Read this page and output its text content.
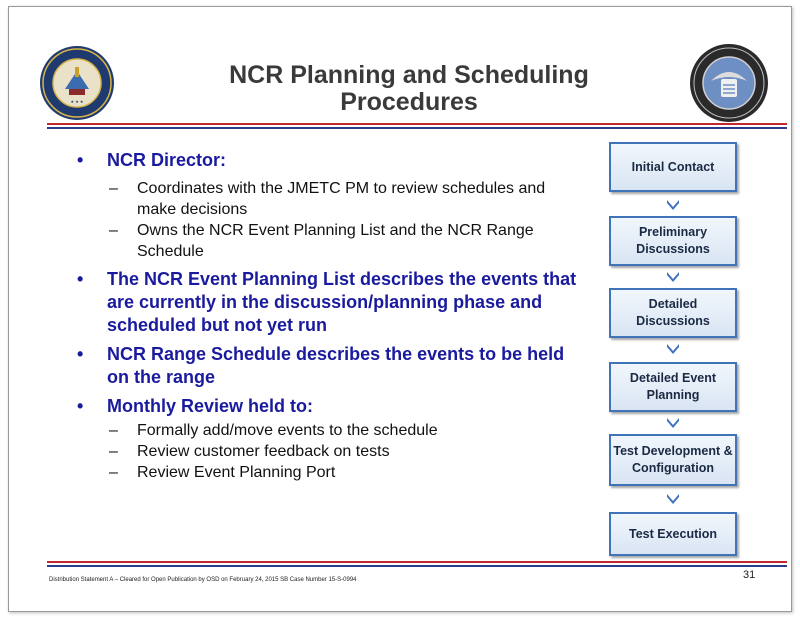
★ ★ ★
NCR Planning and Scheduling
Procedures
• NCR Director:
– Coordinates with the JMETC PM to review schedules and make decisions
– Owns the NCR Event Planning List and the NCR Range Schedule
• The NCR Event Planning List describes the events that are currently in the discussion/planning phase and scheduled but not yet run
• NCR Range Schedule describes the events to be held on the range
• Monthly Review held to:
– Formally add/move events to the schedule
– Review customer feedback on tests
– Review Event Planning Port
Initial Contact
Preliminary Discussions
Detailed Discussions
Detailed Event Planning
Test Development & Configuration
Test Execution
Distribution Statement A – Cleared for Open Publication by OSD on February 24, 2015 SB Case Number 15-S-0994	31
